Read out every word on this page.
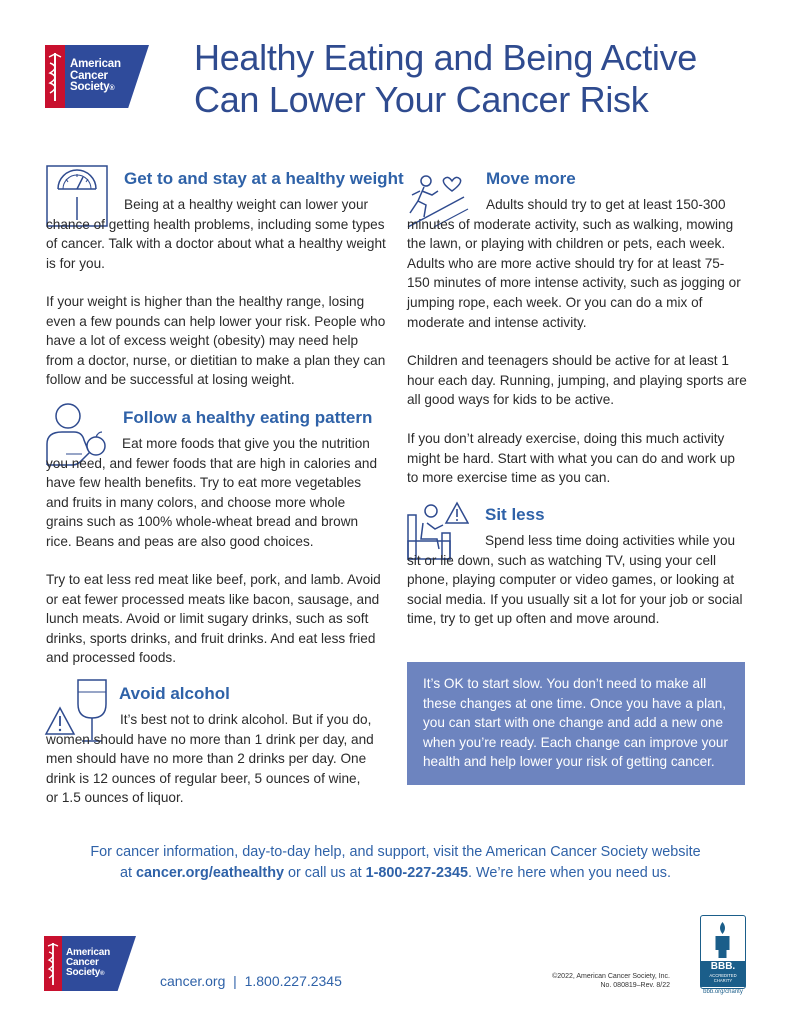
American
Cancer
Society®
Healthy Eating and Being Active
Can Lower Your Cancer Risk
Get to and stay at a healthy weight

Being at a healthy weight can lower your chance of getting health problems, including some types of cancer. Talk with a doctor about what a healthy weight is for you.

If your weight is higher than the healthy range, losing even a few pounds can help lower your risk. People who have a lot of excess weight (obesity) may need help from a doctor, nurse, or dietitian to make a plan they can follow and be successful at losing weight.

Follow a healthy eating pattern

Eat more foods that give you the nutrition you need, and fewer foods that are high in calories and have few health benefits. Try to eat more vegetables and fruits in many colors, and choose more whole grains such as 100% whole-wheat bread and brown rice. Beans and peas are also good choices.

Try to eat less red meat like beef, pork, and lamb. Avoid or eat fewer processed meats like bacon, sausage, and lunch meats. Avoid or limit sugary drinks, such as soft drinks, sports drinks, and fruit drinks. And eat less fried and processed foods.

Avoid alcohol

It’s best not to drink alcohol. But if you do, women should have no more than 1 drink per day, and men should have no more than 2 drinks per day. One drink is 12 ounces of regular beer, 5 ounces of wine, or 1.5 ounces of liquor.

Move more

Adults should try to get at least 150-300 minutes of moderate activity, such as walking, mowing the lawn, or playing with children or pets, each week. Adults who are more active should try for at least 75-150 minutes of more intense activity, such as jogging or jumping rope, each week. Or you can do a mix of moderate and intense activity.

Children and teenagers should be active for at least 1 hour each day. Running, jumping, and playing sports are all good ways for kids to be active.

If you don’t already exercise, doing this much activity might be hard. Start with what you can do and work up to more exercise time as you can.

Sit less

Spend less time doing activities while you sit or lie down, such as watching TV, using your cell phone, playing computer or video games, or looking at social media. If you usually sit a lot for your job or social time, try to get up often and move around.

It’s OK to start slow. You don’t need to make all these changes at one time. Once you have a plan, you can start with one change and add a new one when you’re ready. Each change can improve your health and help lower your risk of getting cancer.

For cancer information, day-to-day help, and support, visit the American Cancer Society website
at cancer.org/eathealthy or call us at 1-800-227-2345. We’re here when you need us.
American
Cancer
Society®	cancer.org  |  1.800.227.2345	©2022, American Cancer Society, Inc.
No. 080819–Rev. 8/22
BBB.
ACCREDITED CHARITY
bbb.org/charity
